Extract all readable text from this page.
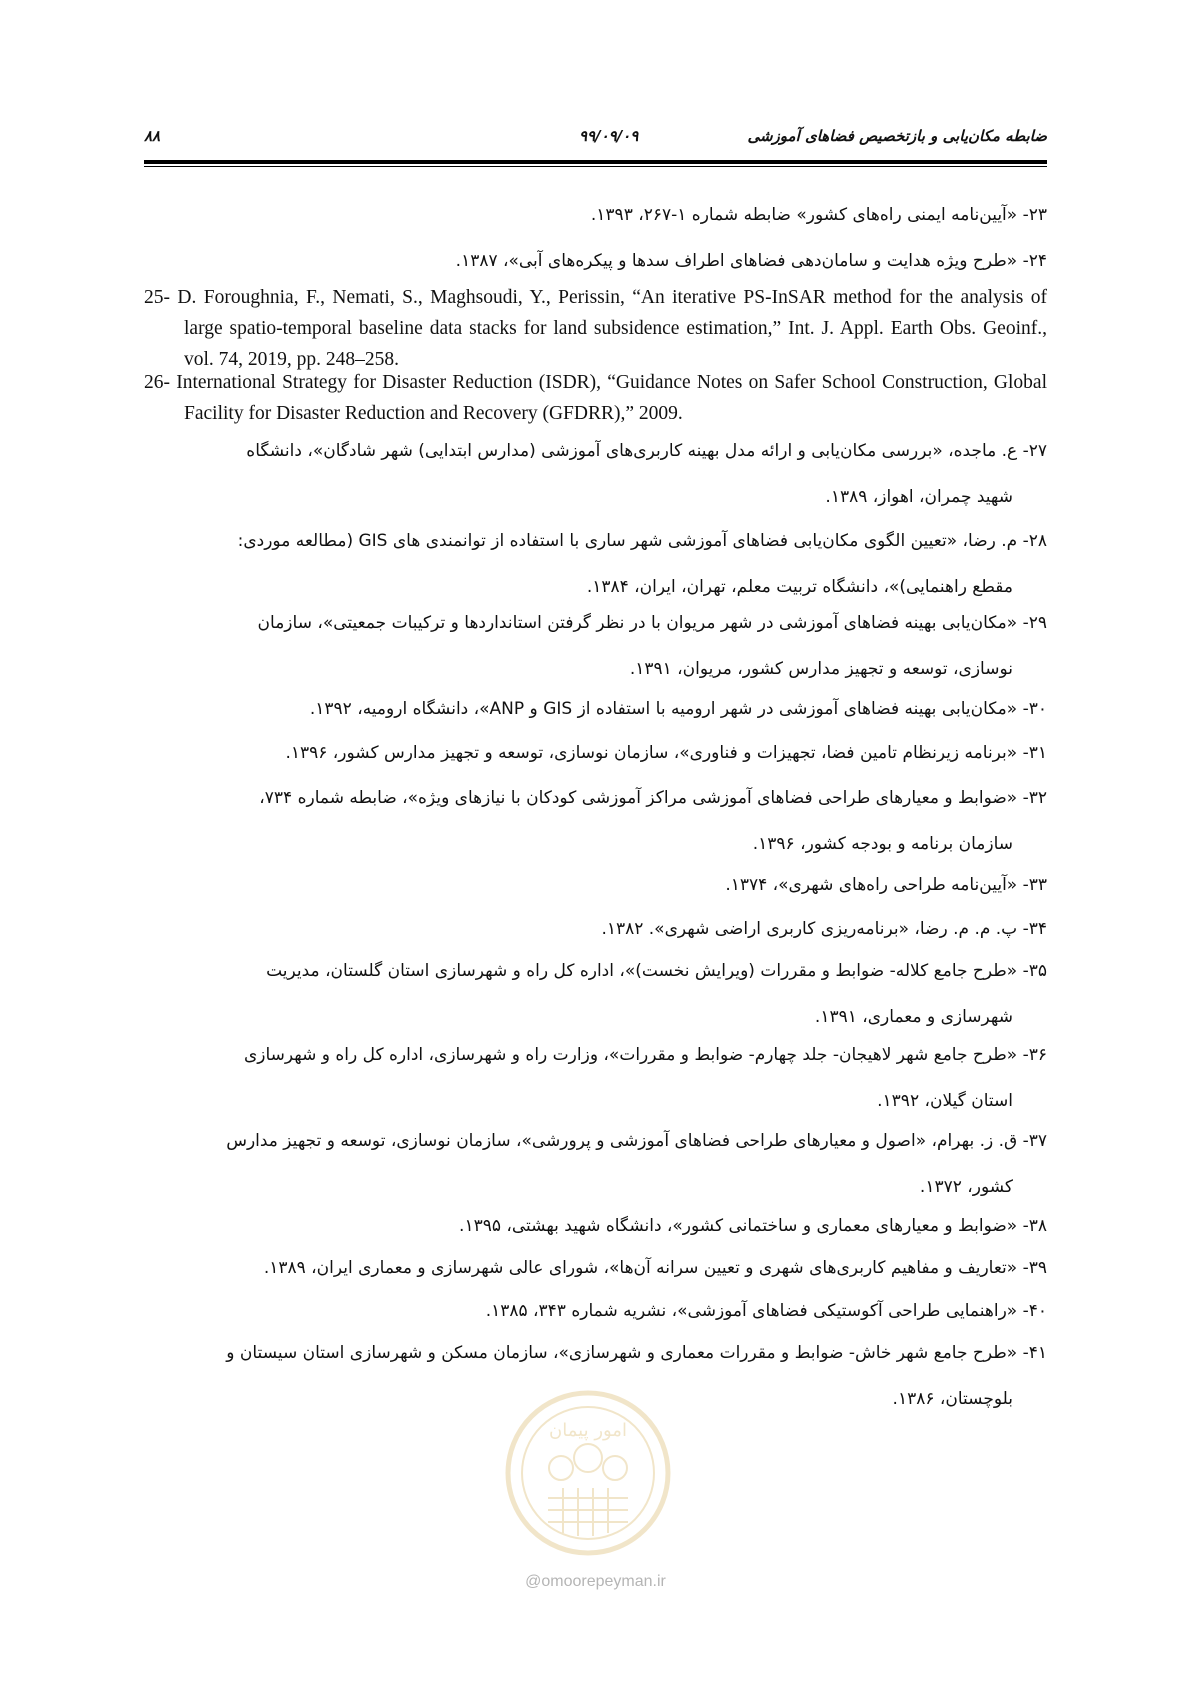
۸۸	۹۹/۰۹/۰۹	ضابطه مکان‌یابی و بازتخصیص فضاهای آموزشی
۲۳- «آیین‌نامه ایمنی راه‌های کشور» ضابطه شماره ۱-۲۶۷، ۱۳۹۳.
۲۴- «طرح ویژه هدایت و سامان‌دهی فضاهای اطراف سدها و پیکره‌های آبی»، ۱۳۸۷.
25- D. Foroughnia, F., Nemati, S., Maghsoudi, Y., Perissin, “An iterative PS-InSAR method for the analysis of large spatio-temporal baseline data stacks for land subsidence estimation,” Int. J. Appl. Earth Obs. Geoinf., vol. 74, 2019, pp. 248–258.
26- International Strategy for Disaster Reduction (ISDR), “Guidance Notes on Safer School Construction, Global Facility for Disaster Reduction and Recovery (GFDRR),” 2009.
۲۷- ع. ماجده، «بررسی مکان‌یابی و ارائه مدل بهینه کاربری‌های آموزشی (مدارس ابتدایی) شهر شادگان»، دانشگاه
شهید چمران، اهواز، ۱۳۸۹.
۲۸- م. رضا، «تعیین الگوی مکان‌یابی فضاهای آموزشی شهر ساری با استفاده از توانمندی های GIS (مطالعه موردی:
مقطع راهنمایی)»، دانشگاه تربیت معلم، تهران، ایران، ۱۳۸۴.
۲۹- «مکان‌یابی بهینه فضاهای آموزشی در شهر مریوان با در نظر گرفتن استانداردها و ترکیبات جمعیتی»، سازمان
نوسازی، توسعه و تجهیز مدارس کشور، مریوان، ۱۳۹۱.
۳۰- «مکان‌یابی بهینه فضاهای آموزشی در شهر ارومیه با استفاده از GIS و ANP»، دانشگاه ارومیه، ۱۳۹۲.
۳۱- «برنامه زیرنظام تامین فضا، تجهیزات و فناوری»، سازمان نوسازی، توسعه و تجهیز مدارس کشور، ۱۳۹۶.
۳۲- «ضوابط و معیارهای طراحی فضاهای آموزشی مراکز آموزشی کودکان با نیازهای ویژه»، ضابطه شماره ۷۳۴،
سازمان برنامه و بودجه کشور، ۱۳۹۶.
۳۳- «آیین‌نامه طراحی راه‌های شهری»، ۱۳۷۴.
۳۴- پ. م. م. رضا، «برنامه‌ریزی کاربری اراضی شهری». ۱۳۸۲.
۳۵- «طرح جامع کلاله- ضوابط و مقررات (ویرایش نخست)»، اداره کل راه و شهرسازی استان گلستان، مدیریت
شهرسازی و معماری، ۱۳۹۱.
۳۶- «طرح جامع شهر لاهیجان- جلد چهارم- ضوابط و مقررات»، وزارت راه و شهرسازی، اداره کل راه و شهرسازی
استان گیلان، ۱۳۹۲.
۳۷- ق. ز. بهرام، «اصول و معیارهای طراحی فضاهای آموزشی و پرورشی»، سازمان نوسازی، توسعه و تجهیز مدارس
کشور، ۱۳۷۲.
۳۸- «ضوابط و معیارهای معماری و ساختمانی کشور»، دانشگاه شهید بهشتی، ۱۳۹۵.
۳۹- «تعاریف و مفاهیم کاربری‌های شهری و تعیین سرانه آن‌ها»، شورای عالی شهرسازی و معماری ایران، ۱۳۸۹.
۴۰- «راهنمایی طراحی آکوستیکی فضاهای آموزشی»، نشریه شماره ۳۴۳، ۱۳۸۵.
۴۱- «طرح جامع شهر خاش- ضوابط و مقررات معماری و شهرسازی»، سازمان مسکن و شهرسازی استان سیستان و
بلوچستان، ۱۳۸۶.
امور پیمان
@omoorepeyman.ir
